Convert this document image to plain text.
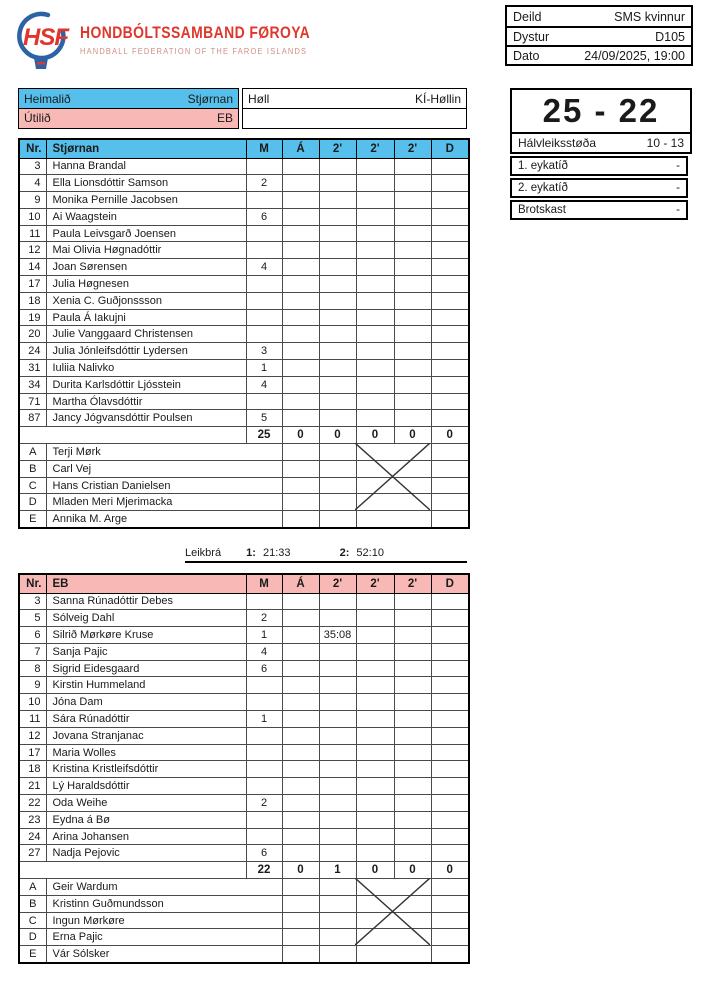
HSF HONDBÓLTSSAMBAND FØROYA
HANDBALL FEDERATION OF THE FAROE ISLANDS
Deild	SMS kvinnur
Dystur	D105
Dato	24/09/2025, 19:00
Heimalið	Stjørnan
Útilið	EB
Høll	KÍ-Høllin	25 - 22
Hálvleiksstøða	10 - 13
1. eykatíð	-
2. eykatíð	-
Brotskast	-
Nr.	Stjørnan	M	Á	2'	2'	2'	D
3	Hanna Brandal						
4	Ella Lionsdóttir Samson	2					
9	Monika Pernille Jacobsen						
10	Ai Waagstein	6					
11	Paula Leivsgarð Joensen						
12	Mai Olivia Høgnadóttir						
14	Joan Sørensen	4					
17	Julia Høgnesen						
18	Xenia C. Guðjonssson						
19	Paula Á Iakujni						
20	Julie Vanggaard Christensen						
24	Julia Jónleifsdóttir Lydersen	3					
31	Iuliia Nalivko	1					
34	Durita Karlsdóttir Ljósstein	4					
71	Martha Ólavsdóttir						
87	Jancy Jógvansdóttir Poulsen	5					
		25	0	0	0	0	0
A	Terji Mørk						
B	Carl Vej						
C	Hans Cristian Danielsen						
D	Mladen Meri Mjerimacka						
E	Annika M. Arge						
Leikbrá 1: 21:33	2: 52:10
Nr.	EB	M	Á	2'	2'	2'	D
3	Sanna Rúnadóttir Debes						
5	Sólveig Dahl	2					
6	Silrið Mørkøre Kruse	1		35:08			
7	Sanja Pajic	4					
8	Sigrid Eidesgaard	6					
9	Kirstin Hummeland						
10	Jóna Dam						
11	Sára Rúnadóttir	1					
12	Jovana Stranjanac						
17	Maria Wolles						
18	Kristina Kristleifsdóttir						
21	Lý Haraldsdóttir						
22	Oda Weihe	2					
23	Eydna á Bø						
24	Arina Johansen						
27	Nadja Pejovic	6					
		22	0	1	0	0	0
A	Geir Wardum						
B	Kristinn Guðmundsson						
C	Ingun Mørkøre						
D	Erna Pajic						
E	Vár Sólsker						
